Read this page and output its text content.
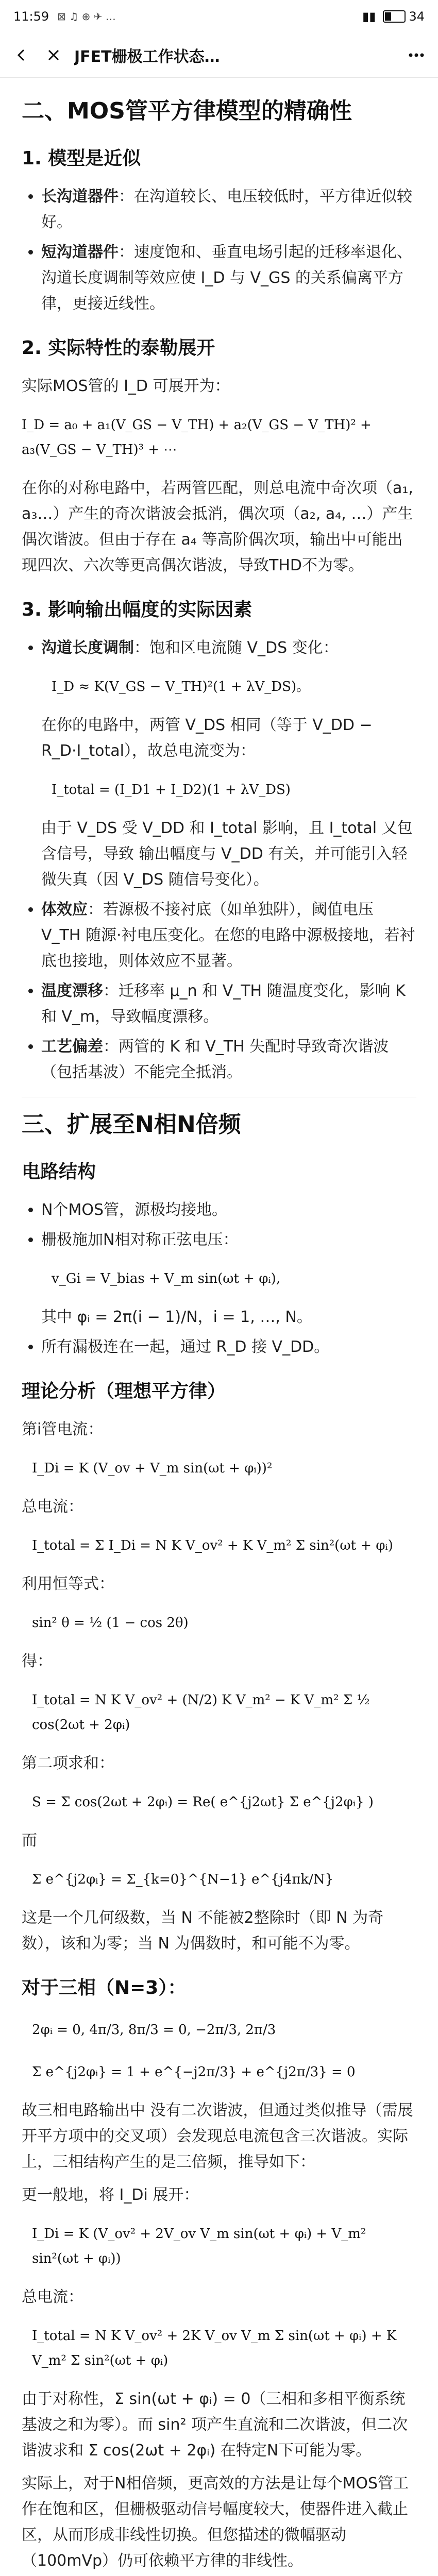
11:59 ⊠ ♫ ⊕ ✈ …	▮▮	34
JFET栅极工作状态…
二、MOS管平方律模型的精确性
1. 模型是近似
• 长沟道器件：在沟道较长、电压较低时，平方律近似较好。
• 短沟道器件：速度饱和、垂直电场引起的迁移率退化、沟道长度调制等效应使 I_D 与 V_GS 的关系偏离平方律，更接近线性。
2. 实际特性的泰勒展开

实际MOS管的 I_D 可展开为：

I_D = a₀ + a₁(V_GS − V_TH) + a₂(V_GS − V_TH)² + a₃(V_GS − V_TH)³ + ⋯

在你的对称电路中，若两管匹配，则总电流中奇次项（a₁, a₃…）产生的奇次谐波会抵消，偶次项（a₂, a₄, …）产生偶次谐波。但由于存在 a₄ 等高阶偶次项，输出中可能出现四次、六次等更高偶次谐波，导致THD不为零。

3. 影响输出幅度的实际因素
• 沟道长度调制：饱和区电流随 V_DS 变化：
I_D ≈ K(V_GS − V_TH)²(1 + λV_DS)。
在你的电路中，两管 V_DS 相同（等于 V_DD − R_D·I_total），故总电流变为：
I_total = (I_D1 + I_D2)(1 + λV_DS)
由于 V_DS 受 V_DD 和 I_total 影响，且 I_total 又包含信号，导致 输出幅度与 V_DD 有关，并可能引入轻微失真（因 V_DS 随信号变化）。
• 体效应：若源极不接衬底（如单独阱），阈值电压 V_TH 随源·衬电压变化。在您的电路中源极接地，若衬底也接地，则体效应不显著。
• 温度漂移：迁移率 μ_n 和 V_TH 随温度变化，影响 K 和 V_m，导致幅度漂移。
• 工艺偏差：两管的 K 和 V_TH 失配时导致奇次谐波（包括基波）不能完全抵消。
三、扩展至N相N倍频
电路结构
• N个MOS管，源极均接地。
• 栅极施加N相对称正弦电压：
v_Gi = V_bias + V_m sin(ωt + φᵢ),
其中 φᵢ = 2π(i − 1)/N，i = 1, …, N。
• 所有漏极连在一起，通过 R_D 接 V_DD。
理论分析（理想平方律）

第i管电流：

I_Di = K (V_ov + V_m sin(ωt + φᵢ))²

总电流：

I_total = Σ I_Di = N K V_ov² + K V_m² Σ sin²(ωt + φᵢ)

利用恒等式：

sin² θ = ½ (1 − cos 2θ)

得：

I_total = N K V_ov² + (N/2) K V_m² − K V_m² Σ ½ cos(2ωt + 2φᵢ)

第二项求和：

S = Σ cos(2ωt + 2φᵢ) = Re( e^{j2ωt} Σ e^{j2φᵢ} )

而

Σ e^{j2φᵢ} = Σ_{k=0}^{N−1} e^{j4πk/N}

这是一个几何级数，当 N 不能被2整除时（即 N 为奇数），该和为零；当 N 为偶数时，和可能不为零。

对于三相（N=3）：
2φᵢ = 0, 4π/3, 8π/3 = 0, −2π/3, 2π/3
Σ e^{j2φᵢ} = 1 + e^{−j2π/3} + e^{j2π/3} = 0

故三相电路输出中 没有二次谐波，但通过类似推导（需展开平方项中的交叉项）会发现总电流包含三次谐波。实际上，三相结构产生的是三倍频，推导如下：

更一般地，将 I_Di 展开：

I_Di = K (V_ov² + 2V_ov V_m sin(ωt + φᵢ) + V_m² sin²(ωt + φᵢ))

总电流：

I_total = N K V_ov² + 2K V_ov V_m Σ sin(ωt + φᵢ) + K V_m² Σ sin²(ωt + φᵢ)

由于对称性，Σ sin(ωt + φᵢ) = 0（三相和多相平衡系统基波之和为零）。而 sin² 项产生直流和二次谐波，但二次谐波求和 Σ cos(2ωt + 2φᵢ) 在特定N下可能为零。

实际上，对于N相倍频，更高效的方法是让每个MOS管工作在饱和区，但栅极驱动信号幅度较大，使器件进入截止区，从而形成非线性切换。但您描述的微幅驱动（100mVp）仍可依赖平方律的非线性。
